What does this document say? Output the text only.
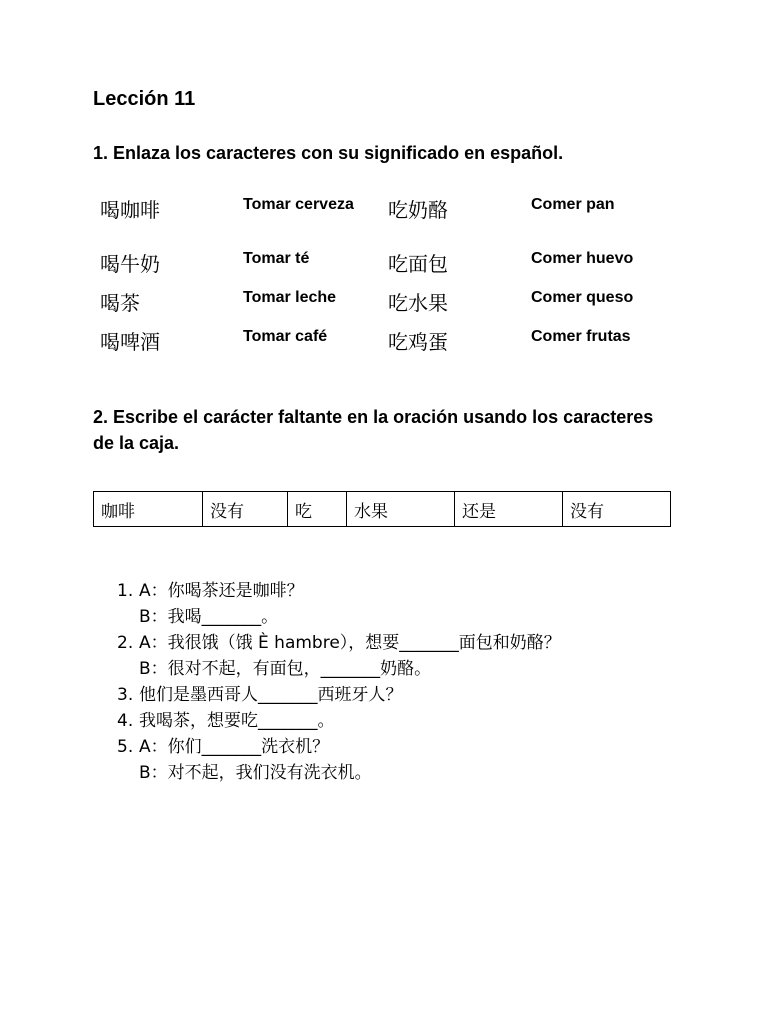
Lección 11

1. Enlaza los caracteres con su significado en español.

喝咖啡	Tomar cerveza	吃奶酪	Comer pan
喝牛奶	Tomar té	吃面包	Comer huevo
喝茶	Tomar leche	吃水果	Comer queso
喝啤酒	Tomar café	吃鸡蛋	Comer frutas

2. Escribe el carácter faltante en la oración usando los caracteres de la caja.

咖啡	没有	吃	水果	还是	没有
1. A：你喝茶还是咖啡？
B：我喝_______。
2. A：我很饿（饿 È hambre），想要_______面包和奶酪？
B：很对不起，有面包，_______奶酪。
3. 他们是墨西哥人_______西班牙人？
4. 我喝茶，想要吃_______。
5. A：你们_______洗衣机？
B：对不起，我们没有洗衣机。
